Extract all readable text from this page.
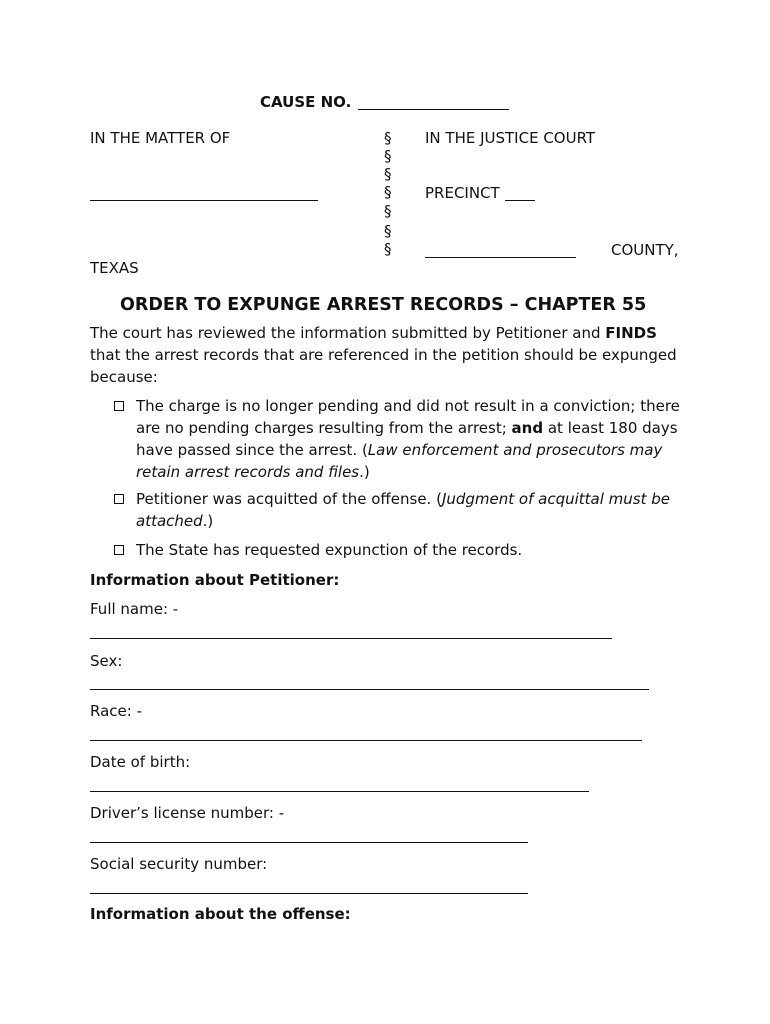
CAUSE NO.
IN THE MATTER OF	§
§
§
§
§
§
§
IN THE JUSTICE COURT
PRECINCT
COUNTY,
TEXAS
ORDER TO EXPUNGE ARREST RECORDS – CHAPTER 55
The court has reviewed the information submitted by Petitioner and FINDS that the arrest records that are referenced in the petition should be expunged because:
The charge is no longer pending and did not result in a conviction; there are no pending charges resulting from the arrest; and at least 180 days have passed since the arrest. (Law enforcement and prosecutors may retain arrest records and files.)
Petitioner was acquitted of the offense. (Judgment of acquittal must be attached.)
The State has requested expunction of the records.
Information about Petitioner:
Full name: -
Sex:
Race: -
Date of birth:
Driver’s license number: -
Social security number:
Information about the offense:
